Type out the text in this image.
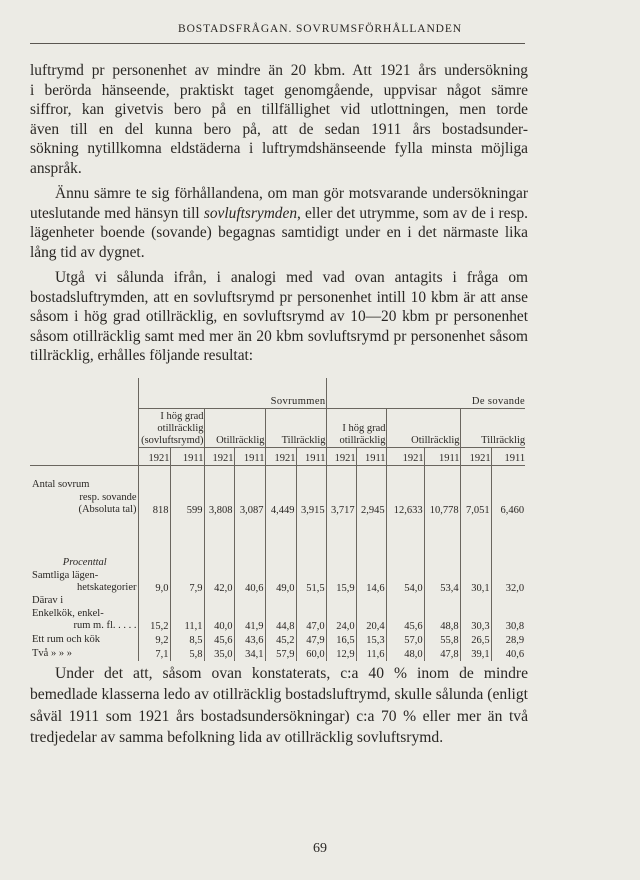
BOSTADSFRÅGAN. SOVRUMSFÖRHÅLLANDEN
luftrymd pr personenhet av mindre än 20 kbm. Att 1921 års undersökning
i berörda hänseende, praktiskt taget genomgående, uppvisar något sämre
siffror, kan givetvis bero på en tillfällighet vid utlottningen, men torde
även till en del kunna bero på, att de sedan 1911 års bostadsunder-
sökning nytillkomna eldstäderna i luftrymdshänseende fylla minsta möjliga
anspråk.

Ännu sämre te sig förhållandena, om man gör motsvarande undersökningar uteslutande med hänsyn till sovluftsrymden, eller det utrymme, som av de i resp. lägenheter boende (sovande) begagnas samtidigt under en i det närmaste lika lång tid av dygnet.

Utgå vi sålunda ifrån, i analogi med vad ovan antagits i fråga om bostadsluftrymden, att en sovluftsrymd pr personenhet intill 10 kbm är att anse såsom i hög grad otillräcklig, en sovluftsrymd av 10—20 kbm pr personenhet såsom otillräcklig samt med mer än 20 kbm sovluftsrymd pr personenhet såsom tillräcklig, erhålles följande resultat:

	Sovrummen						De sovande					
	I hög grad otillräcklig (sovluftsrymd)		Otillräcklig		Tillräcklig		I hög grad otillräcklig		Otillräcklig		Tillräcklig	
	1921	1911	1921	1911	1921	1911	1921	1911	1921	1911	1921	1911

Antal sovrum
resp. sovande
(Absoluta tal)	818	599	3,808	3,087	4,449	3,915	3,717	2,945	12,633	10,778	7,051	6,460

Procenttal
Samtliga lägen-
hetskategorier	9,0	7,9	42,0	40,6	49,0	51,5	15,9	14,6	54,0	53,4	30,1	32,0

Därav i
Enkelkök, enkel-
rum m. fl. . . . .	15,2	11,1	40,0	41,9	44,8	47,0	24,0	20,4	45,6	48,8	30,3	30,8
Ett rum och kök	9,2	8,5	45,6	43,6	45,2	47,9	16,5	15,3	57,0	55,8	26,5	28,9
Två » » »	7,1	5,8	35,0	34,1	57,9	60,0	12,9	11,6	48,0	47,8	39,1	40,6

Under det att, såsom ovan konstaterats, c:a 40 % inom de mindre bemedlade klasserna ledo av otillräcklig bostadsluftrymd, skulle sålunda (enligt såväl 1911 som 1921 års bostadsundersökningar) c:a 70 % eller mer än två tredjedelar av samma befolkning lida av otillräcklig sovluftsrymd.

69
